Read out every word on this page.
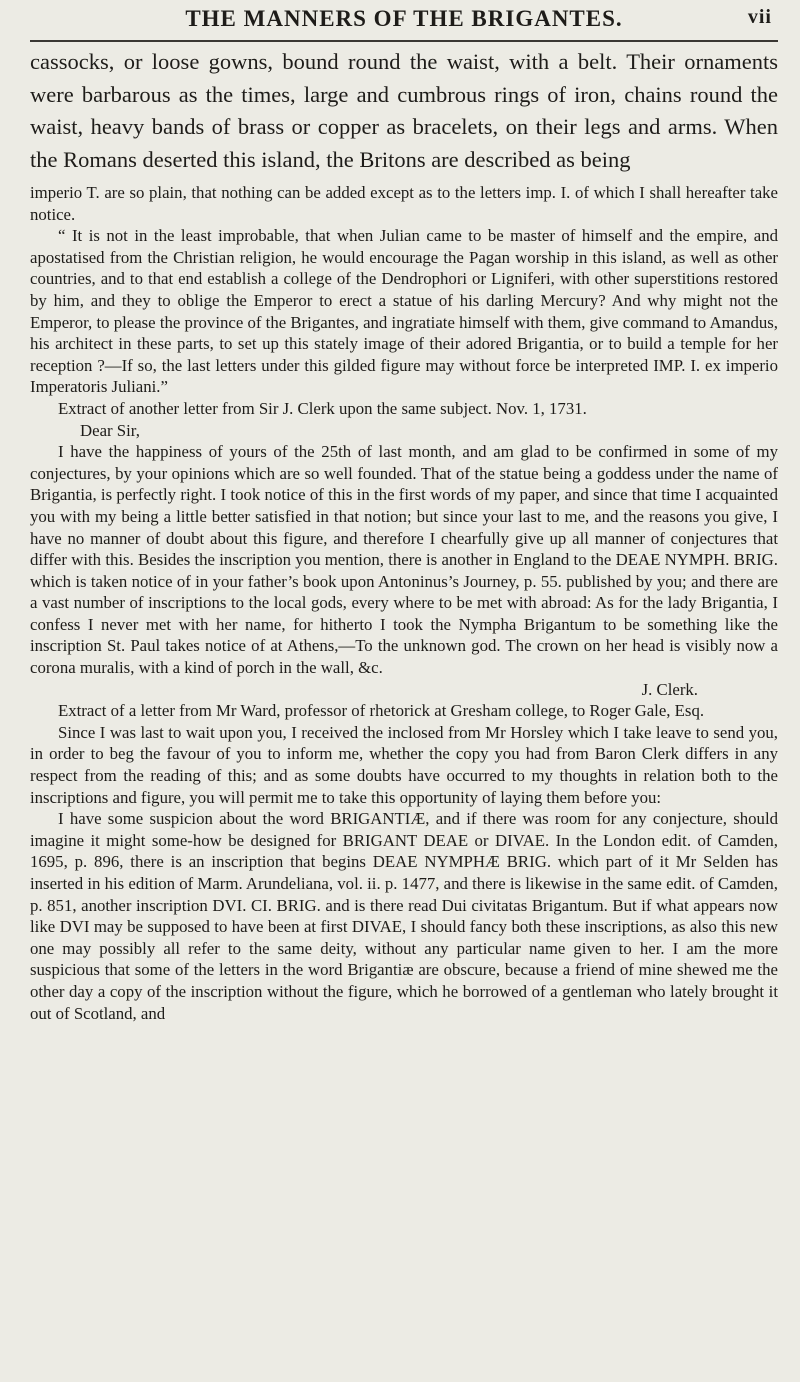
THE MANNERS OF THE BRIGANTES.	vii

cassocks, or loose gowns, bound round the waist, with a belt. Their ornaments were barbarous as the times, large and cumbrous rings of iron, chains round the waist, heavy bands of brass or copper as bracelets, on their legs and arms. When the Romans deserted this island, the Britons are described as being

imperio T. are so plain, that nothing can be added except as to the letters imp. I. of which I shall hereafter take notice.

“ It is not in the least improbable, that when Julian came to be master of himself and the empire, and apostatised from the Christian religion, he would encourage the Pagan worship in this island, as well as other countries, and to that end establish a college of the Dendrophori or Ligniferi, with other superstitions restored by him, and they to oblige the Emperor to erect a statue of his darling Mercury? And why might not the Emperor, to please the province of the Brigantes, and ingratiate himself with them, give command to Amandus, his architect in these parts, to set up this stately image of their adored Brigantia, or to build a temple for her reception ?—If so, the last letters under this gilded figure may without force be interpreted IMP. I. ex imperio Imperatoris Juliani.”

Extract of another letter from Sir J. Clerk upon the same subject. Nov. 1, 1731.

Dear Sir,

I have the happiness of yours of the 25th of last month, and am glad to be confirmed in some of my conjectures, by your opinions which are so well founded. That of the statue being a goddess under the name of Brigantia, is perfectly right. I took notice of this in the first words of my paper, and since that time I acquainted you with my being a little better satisfied in that notion; but since your last to me, and the reasons you give, I have no manner of doubt about this figure, and therefore I chearfully give up all manner of conjectures that differ with this. Besides the inscription you mention, there is another in England to the DEAE NYMPH. BRIG. which is taken notice of in your father’s book upon Antoninus’s Journey, p. 55. published by you; and there are a vast number of inscriptions to the local gods, every where to be met with abroad: As for the lady Brigantia, I confess I never met with her name, for hitherto I took the Nympha Brigantum to be something like the inscription St. Paul takes notice of at Athens,—To the unknown god. The crown on her head is visibly now a corona muralis, with a kind of porch in the wall, &c.

J. Clerk.

Extract of a letter from Mr Ward, professor of rhetorick at Gresham college, to Roger Gale, Esq.

Since I was last to wait upon you, I received the inclosed from Mr Horsley which I take leave to send you, in order to beg the favour of you to inform me, whether the copy you had from Baron Clerk differs in any respect from the reading of this; and as some doubts have occurred to my thoughts in relation both to the inscriptions and figure, you will permit me to take this opportunity of laying them before you:

I have some suspicion about the word BRIGANTIÆ, and if there was room for any conjecture, should imagine it might some-how be designed for BRIGANT DEAE or DIVAE. In the London edit. of Camden, 1695, p. 896, there is an inscription that begins DEAE NYMPHÆ BRIG. which part of it Mr Selden has inserted in his edition of Marm. Arundeliana, vol. ii. p. 1477, and there is likewise in the same edit. of Camden, p. 851, another inscription DVI. CI. BRIG. and is there read Dui civitatas Brigantum. But if what appears now like DVI may be supposed to have been at first DIVAE, I should fancy both these inscriptions, as also this new one may possibly all refer to the same deity, without any particular name given to her. I am the more suspicious that some of the letters in the word Brigantiæ are obscure, because a friend of mine shewed me the other day a copy of the inscription without the figure, which he borrowed of a gentleman who lately brought it out of Scotland, and
